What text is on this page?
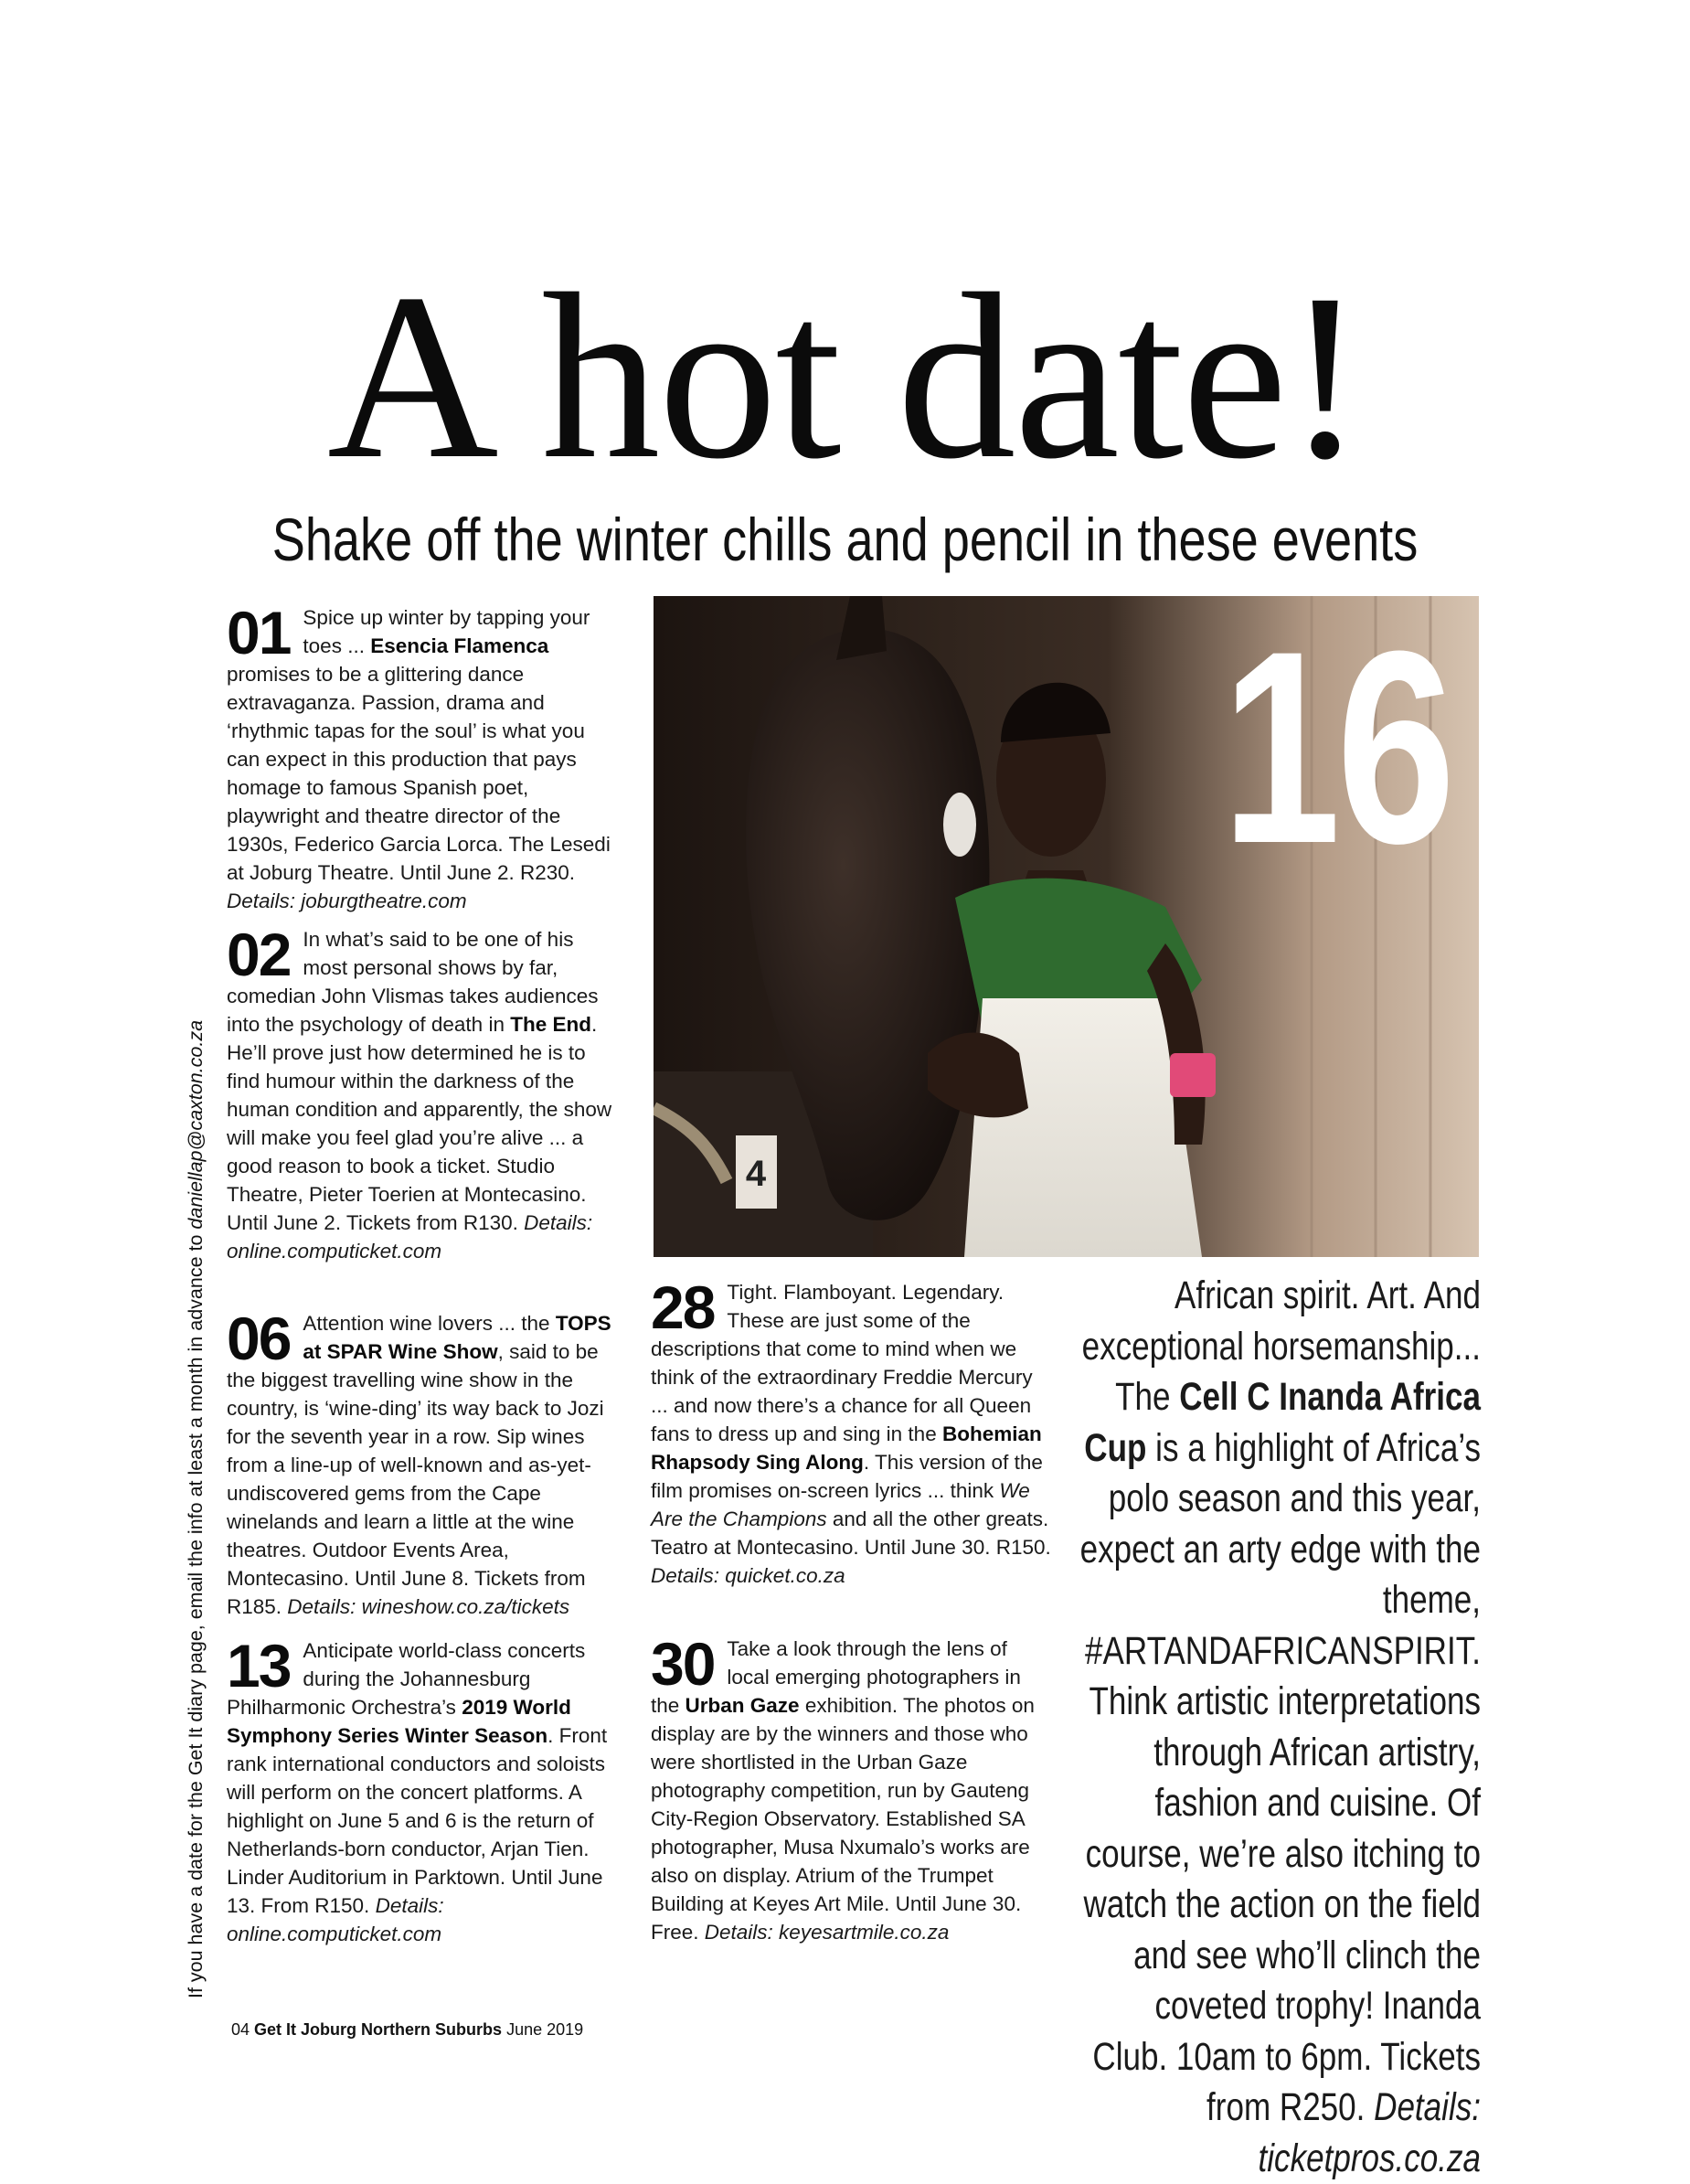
A hot date!
Shake off the winter chills and pencil in these events
If you have a date for the Get It diary page, email the info at least a month in advance to daniellap@caxton.co.za

01 Spice up winter by tapping your toes ... Esencia Flamenca promises to be a glittering dance extravaganza. Passion, drama and ‘rhythmic tapas for the soul’ is what you can expect in this production that pays homage to famous Spanish poet, playwright and theatre director of the 1930s, Federico Garcia Lorca. The Lesedi at Joburg Theatre. Until June 2. R230. Details: joburgtheatre.com

02 In what’s said to be one of his most personal shows by far, comedian John Vlismas takes audiences into the psychology of death in The End. He’ll prove just how determined he is to find humour within the darkness of the human condition and apparently, the show will make you feel glad you’re alive ... a good reason to book a ticket. Studio Theatre, Pieter Toerien at Montecasino. Until June 2. Tickets from R130. Details: online.computicket.com

06 Attention wine lovers ... the TOPS at SPAR Wine Show, said to be the biggest travelling wine show in the country, is ‘wine-ding’ its way back to Jozi for the seventh year in a row. Sip wines from a line-up of well-known and as-yet-undiscovered gems from the Cape winelands and learn a little at the wine theatres. Outdoor Events Area, Montecasino. Until June 8. Tickets from R185. Details: wineshow.co.za/tickets

13 Anticipate world-class concerts during the Johannesburg Philharmonic Orchestra’s 2019 World Symphony Series Winter Season. Front rank international conductors and soloists will perform on the concert platforms. A highlight on June 5 and 6 is the return of Netherlands-born conductor, Arjan Tien. Linder Auditorium in Parktown. Until June 13. From R150. Details: online.computicket.com

4
16

28 Tight. Flamboyant. Legendary. These are just some of the descriptions that come to mind when we think of the extraordinary Freddie Mercury ... and now there’s a chance for all Queen fans to dress up and sing in the Bohemian Rhapsody Sing Along. This version of the film promises on-screen lyrics ... think We Are the Champions and all the other greats. Teatro at Montecasino. Until June 30. R150. Details: quicket.co.za

30 Take a look through the lens of local emerging photographers in the Urban Gaze exhibition. The photos on display are by the winners and those who were shortlisted in the Urban Gaze photography competition, run by Gauteng City-Region Observatory. Established SA photographer, Musa Nxumalo’s works are also on display. Atrium of the Trumpet Building at Keyes Art Mile. Until June 30. Free. Details: keyesartmile.co.za

African spirit. Art. And exceptional horsemanship... The Cell C Inanda Africa Cup is a highlight of Africa’s polo season and this year, expect an arty edge with the theme, #ARTANDAFRICANSPIRIT. Think artistic interpretations through African artistry, fashion and cuisine. Of course, we’re also itching to watch the action on the field and see who’ll clinch the coveted trophy! Inanda Club. 10am to 6pm. Tickets from R250. Details: ticketpros.co.za
04 Get It Joburg Northern Suburbs June 2019
